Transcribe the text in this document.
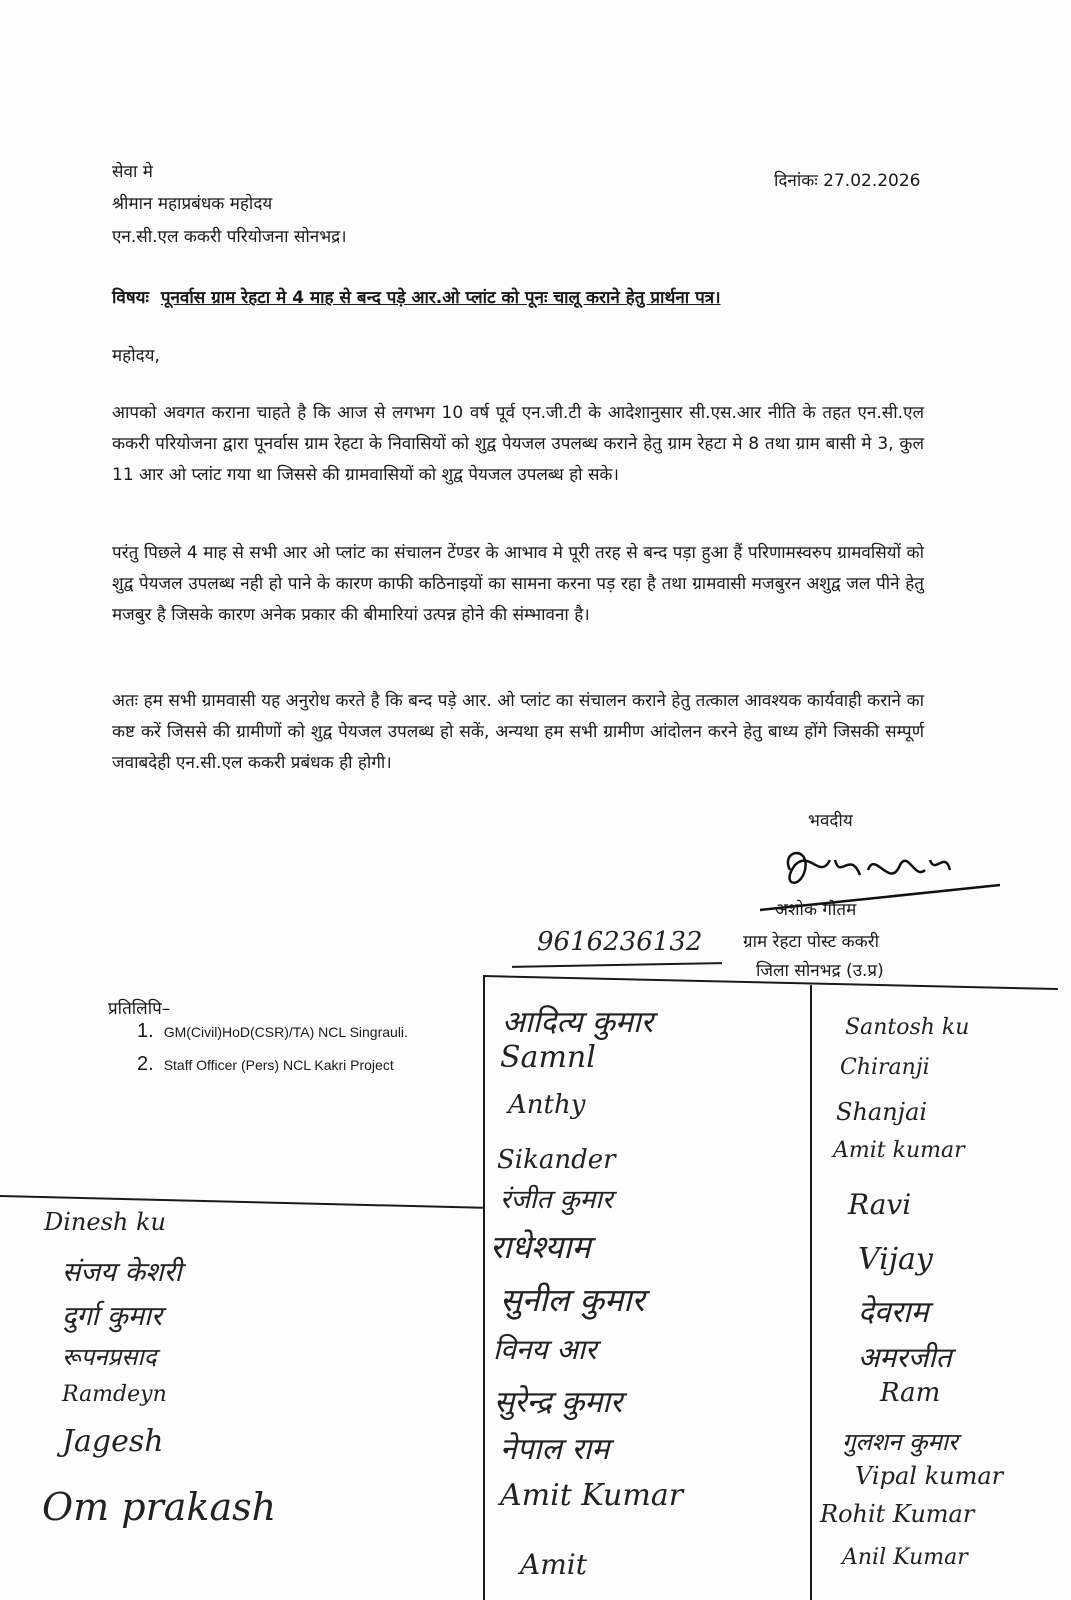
सेवा मे
श्रीमान महाप्रबंधक महोदय
एन.सी.एल ककरी परियोजना सोनभद्र।
दिनांकः 27.02.2026
विषयः पूनर्वास ग्राम रेहटा मे 4 माह से बन्द पड़े आर.ओ प्लांट को पूनः चालू कराने हेतु प्रार्थना पत्र।
महोदय,
आपको अवगत कराना चाहते है कि आज से लगभग 10 वर्ष पूर्व एन.जी.टी के आदेशानुसार सी.एस.आर नीति के तहत एन.सी.एल ककरी परियोजना द्वारा पूनर्वास ग्राम रेहटा के निवासियों को शुद्व पेयजल उपलब्ध कराने हेतु ग्राम रेहटा मे 8 तथा ग्राम बासी मे 3, कुल 11 आर ओ प्लांट गया था जिससे की ग्रामवासियों को शुद्व पेयजल उपलब्ध हो सके।
परंतु पिछले 4 माह से सभी आर ओ प्लांट का संचालन टेंण्डर के आभाव मे पूरी तरह से बन्द पड़ा हुआ हैं परिणामस्वरुप ग्रामवसियों को शुद्व पेयजल उपलब्ध नही हो पाने के कारण काफी कठिनाइयों का सामना करना पड़ रहा है तथा ग्रामवासी मजबुरन अशुद्व जल पीने हेतु मजबुर है जिसके कारण अनेक प्रकार की बीमारियां उत्पन्न होने की संम्भावना है।
अतः हम सभी ग्रामवासी यह अनुरोध करते है कि बन्द पड़े आर. ओ प्लांट का संचालन कराने हेतु तत्काल आवश्यक कार्यवाही कराने का कष्ट करें जिससे की ग्रामीणों को शुद्व पेयजल उपलब्ध हो सकें, अन्यथा हम सभी ग्रामीण आंदोलन करने हेतु बाध्य होंगे जिसकी सम्पूर्ण जवाबदेही एन.सी.एल ककरी प्रबंधक ही होगी।
भवदीय
अशोक गौतम
9616236132 ग्राम रेहटा पोस्ट ककरी
जिला सोनभद्र (उ.प्र)
प्रतिलिपि–
1. GM(Civil)HoD(CSR)/TA) NCL Singrauli.
2. Staff Officer (Pers) NCL Kakri Project
Dinesh ku
संजय केशरी
दुर्गा कुमार
रूपनप्रसाद
Ramdeyn
Jagesh
Om prakash
आदित्य कुमार
Samnl
Anthy
Sikander
रंजीत कुमार
राधेश्याम
सुनील कुमार
विनय आर
सुरेन्द्र कुमार
नेपाल राम
Amit Kumar
Amit
Santosh ku
Chiranji
Shanjai
Amit kumar
Ravi
Vijay
देवराम
अमरजीत
Ram
गुलशन कुमार
Vipal kumar
Rohit Kumar
Anil Kumar
